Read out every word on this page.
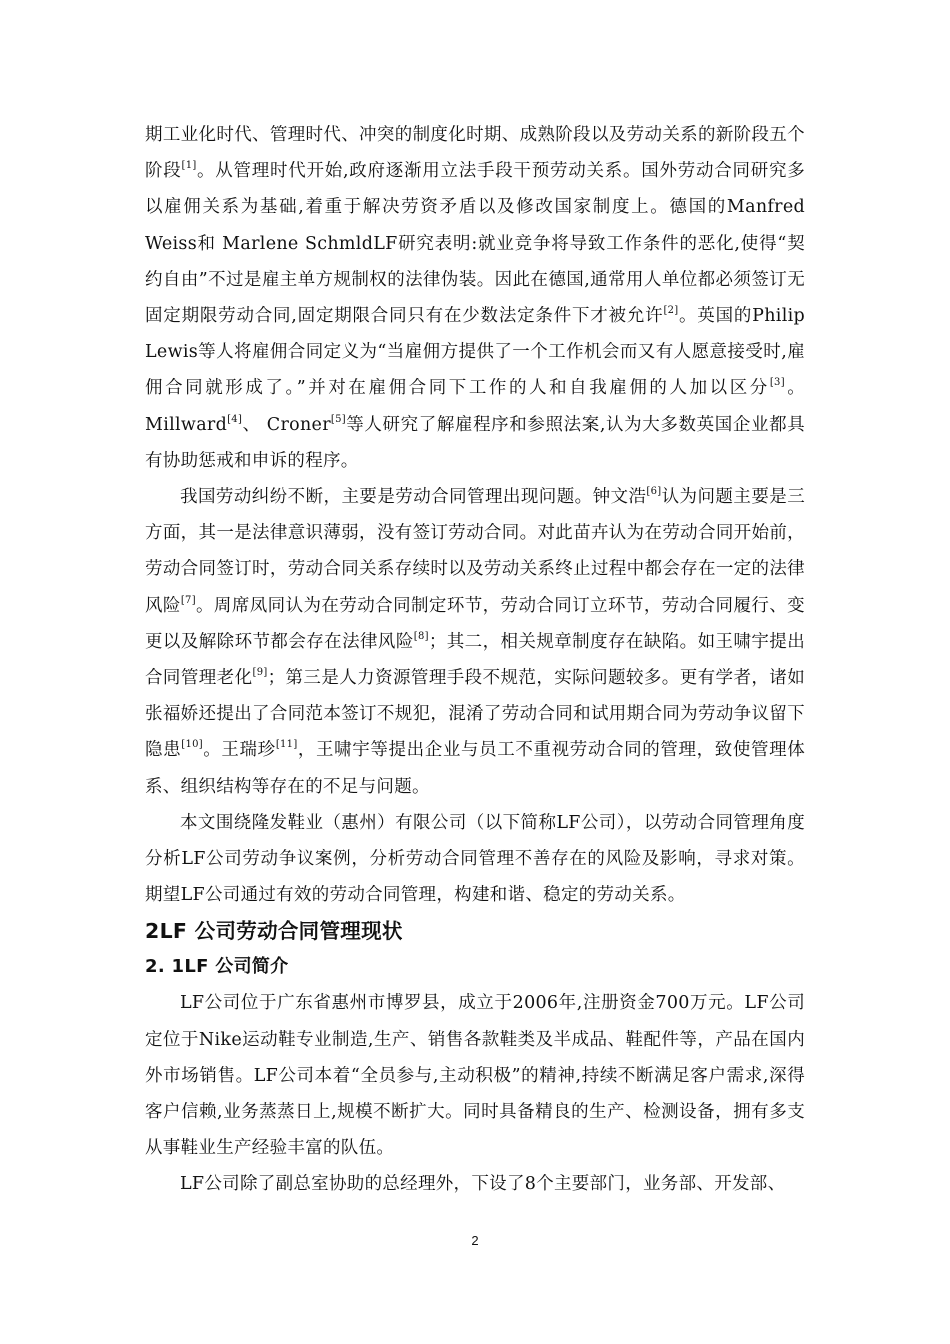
期工业化时代、管理时代、冲突的制度化时期、成熟阶段以及劳动关系的新阶段五个阶段[1]。从管理时代开始,政府逐渐用立法手段干预劳动关系。国外劳动合同研究多以雇佣关系为基础,着重于解决劳资矛盾以及修改国家制度上。德国的Manfred Weiss和 Marlene SchmldLF研究表明:就业竞争将导致工作条件的恶化,使得“契约自由”不过是雇主单方规制权的法律伪装。因此在德国,通常用人单位都必须签订无固定期限劳动合同,固定期限合同只有在少数法定条件下才被允许[2]。英国的Philip Lewis等人将雇佣合同定义为“当雇佣方提供了一个工作机会而又有人愿意接受时,雇佣合同就形成了。”并对在雇佣合同下工作的人和自我雇佣的人加以区分[3]。Millward[4]、 Croner[5]等人研究了解雇程序和参照法案,认为大多数英国企业都具有协助惩戒和申诉的程序。

我国劳动纠纷不断，主要是劳动合同管理出现问题。钟文浩[6]认为问题主要是三方面，其一是法律意识薄弱，没有签订劳动合同。对此苗卉认为在劳动合同开始前，劳动合同签订时，劳动合同关系存续时以及劳动关系终止过程中都会存在一定的法律风险[7]。周席凤同认为在劳动合同制定环节，劳动合同订立环节，劳动合同履行、变更以及解除环节都会存在法律风险[8]；其二，相关规章制度存在缺陷。如王啸宇提出合同管理老化[9]；第三是人力资源管理手段不规范，实际问题较多。更有学者，诸如张福娇还提出了合同范本签订不规犯，混淆了劳动合同和试用期合同为劳动争议留下隐患[10]。王瑞珍[11]，王啸宇等提出企业与员工不重视劳动合同的管理，致使管理体系、组织结构等存在的不足与问题。

本文围绕隆发鞋业（惠州）有限公司（以下简称LF公司），以劳动合同管理角度分析LF公司劳动争议案例，分析劳动合同管理不善存在的风险及影响，寻求对策。期望LF公司通过有效的劳动合同管理，构建和谐、稳定的劳动关系。

2LF 公司劳动合同管理现状
2. 1LF 公司简介

LF公司位于广东省惠州市博罗县，成立于2006年,注册资金700万元。LF公司定位于Nike运动鞋专业制造,生产、销售各款鞋类及半成品、鞋配件等，产品在国内外市场销售。LF公司本着“全员参与,主动积极”的精神,持续不断满足客户需求,深得客户信赖,业务蒸蒸日上,规模不断扩大。同时具备精良的生产、检测设备，拥有多支从事鞋业生产经验丰富的队伍。

LF公司除了副总室协助的总经理外，下设了8个主要部门，业务部、开发部、

2
